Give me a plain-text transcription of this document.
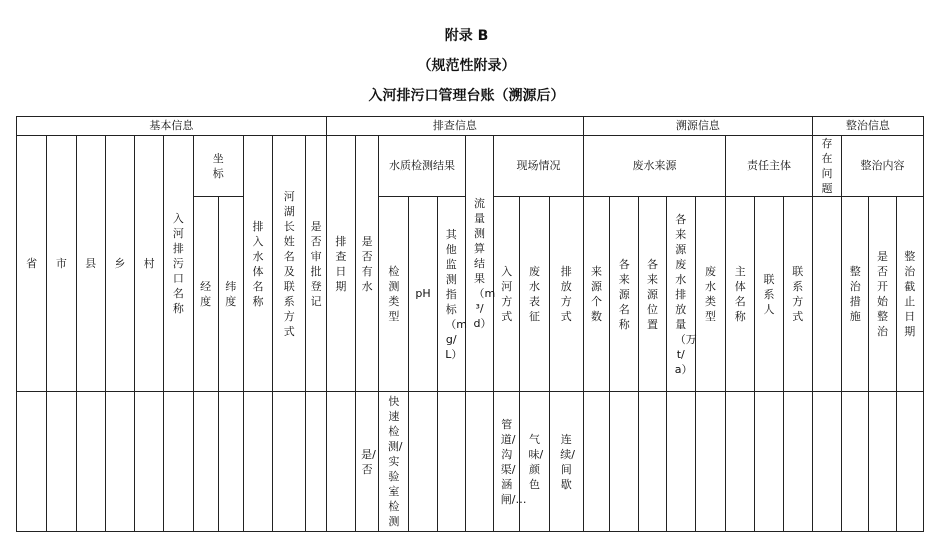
附录 B
（规范性附录）
入河排污口管理台账（溯源后）
基本信息											排查信息									溯源信息								整治信息			
省	市	县	乡	村	入河排污口名称	坐标		排入水体名称	河湖长姓名及联系方式	是否审批登记	排查日期	是否有水	水质检测结果			流量测算结果（m³/d）	现场情况			废水来源					责任主体			存在问题	整治内容		
						经度	纬度						检测类型	pH	其他监测指标（mg/L）		入河方式	废水表征	排放方式	来源个数	各来源名称	各来源位置	各来源废水排放量（万t/a）	废水类型	主体名称	联系人	联系方式		整治措施	是否开始整治	整治截止日期
												是/否	快速检测/实验室检测				管道/沟渠/涵闸/…	气味/颜色	连续/间歇												
